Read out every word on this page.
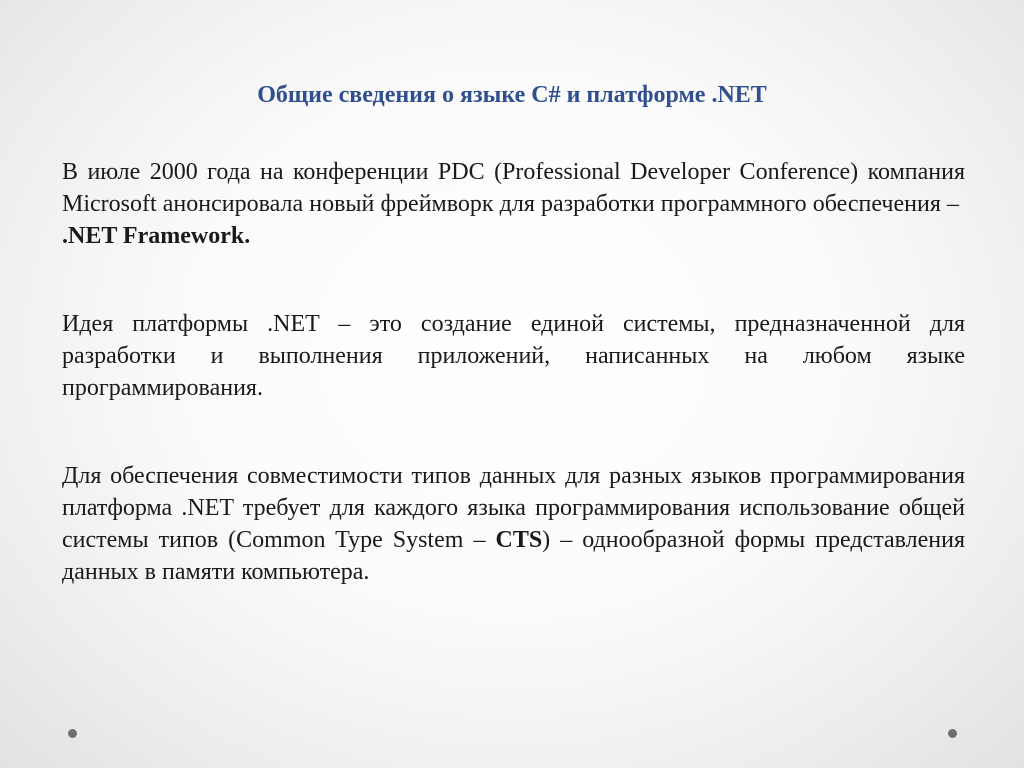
Общие сведения о языке C# и платформе .NET

В июле 2000 года на конференции PDC (Professional Developer Conference) компания Microsoft анонсировала новый фреймворк для разработки программного обеспечения –  .NET Framework.

Идея платформы .NET – это создание единой системы, предназначенной для разработки и выполнения приложений, написанных на любом языке программирования.

Для обеспечения совместимости типов данных для разных языков программирования платформа .NET требует для каждого языка программирования использование общей системы типов (Common Type System – CTS) – однообразной формы представления данных в памяти компьютера.
